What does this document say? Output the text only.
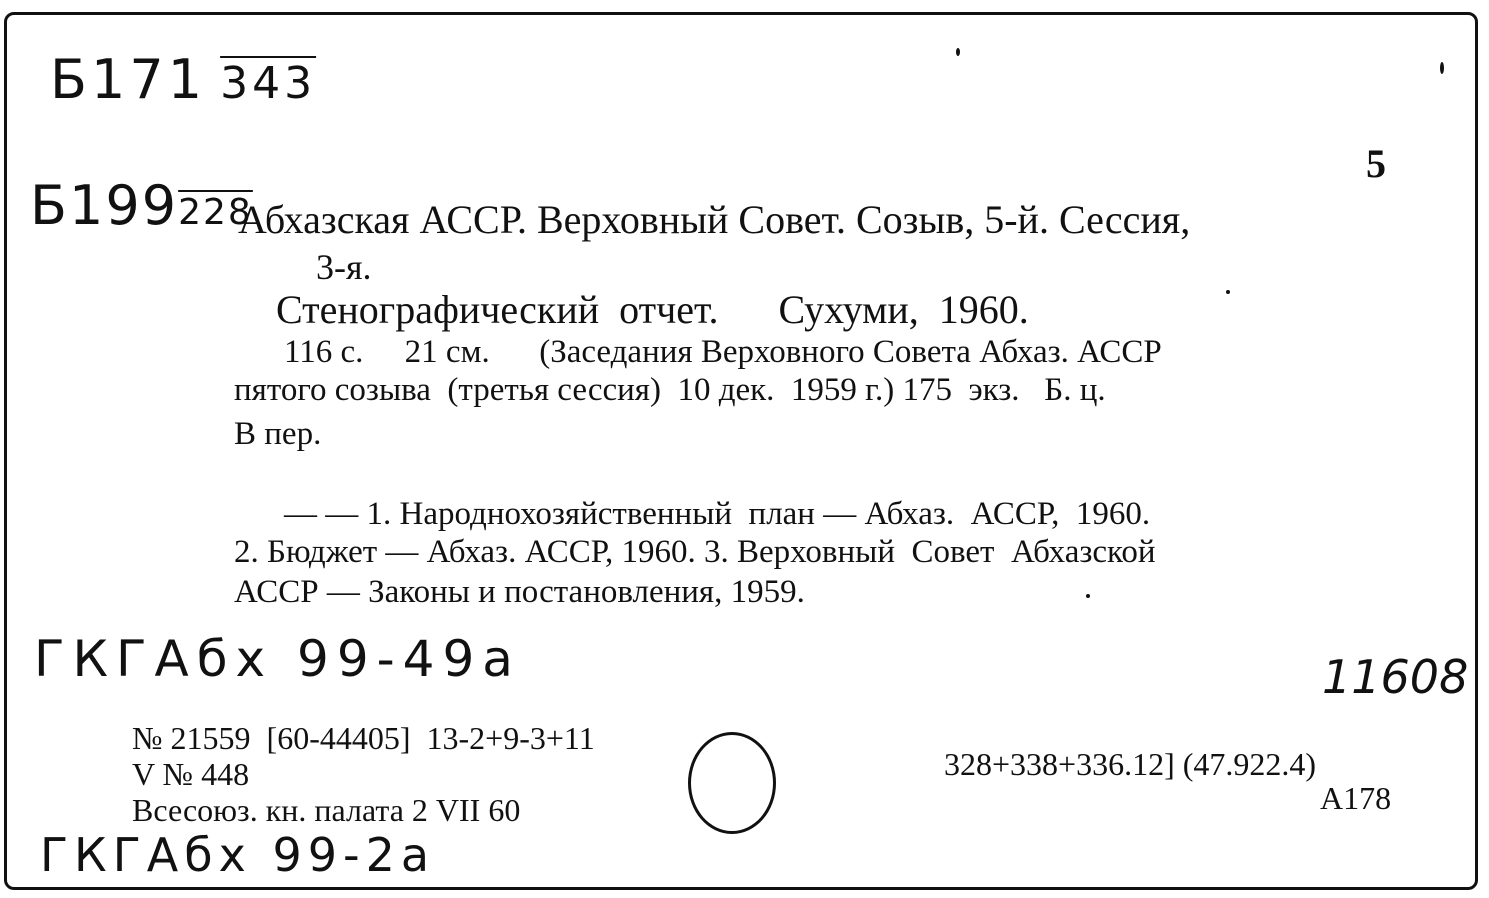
Б171 343
Б199228
5
Абхазская АССР. Верховный Совет. Созыв, 5-й. Сессия,
3-я.
Стенографический  отчет.      Сухуми,  1960.
116 с.     21 см.      (Заседания Верховного Совета Абхаз. АССР
пятого созыва  (третья сессия)  10 дек.  1959 г.) 175  экз.   Б. ц.
В пер.
— — 1. Народнохозяйственный  план — Абхаз.  АССР,  1960.
2. Бюджет — Абхаз. АССР, 1960. 3. Верховный  Совет  Абхазской
АССР — Законы и постановления, 1959.
ГКГАбх 99-49а	11608
№ 21559  [60-44405]  13-2+9-3+11
V № 448
Всесоюз. кн. палата 2 VII 60
328+338+336.12] (47.922.4)
А178
ГКГАбх 99-2а
